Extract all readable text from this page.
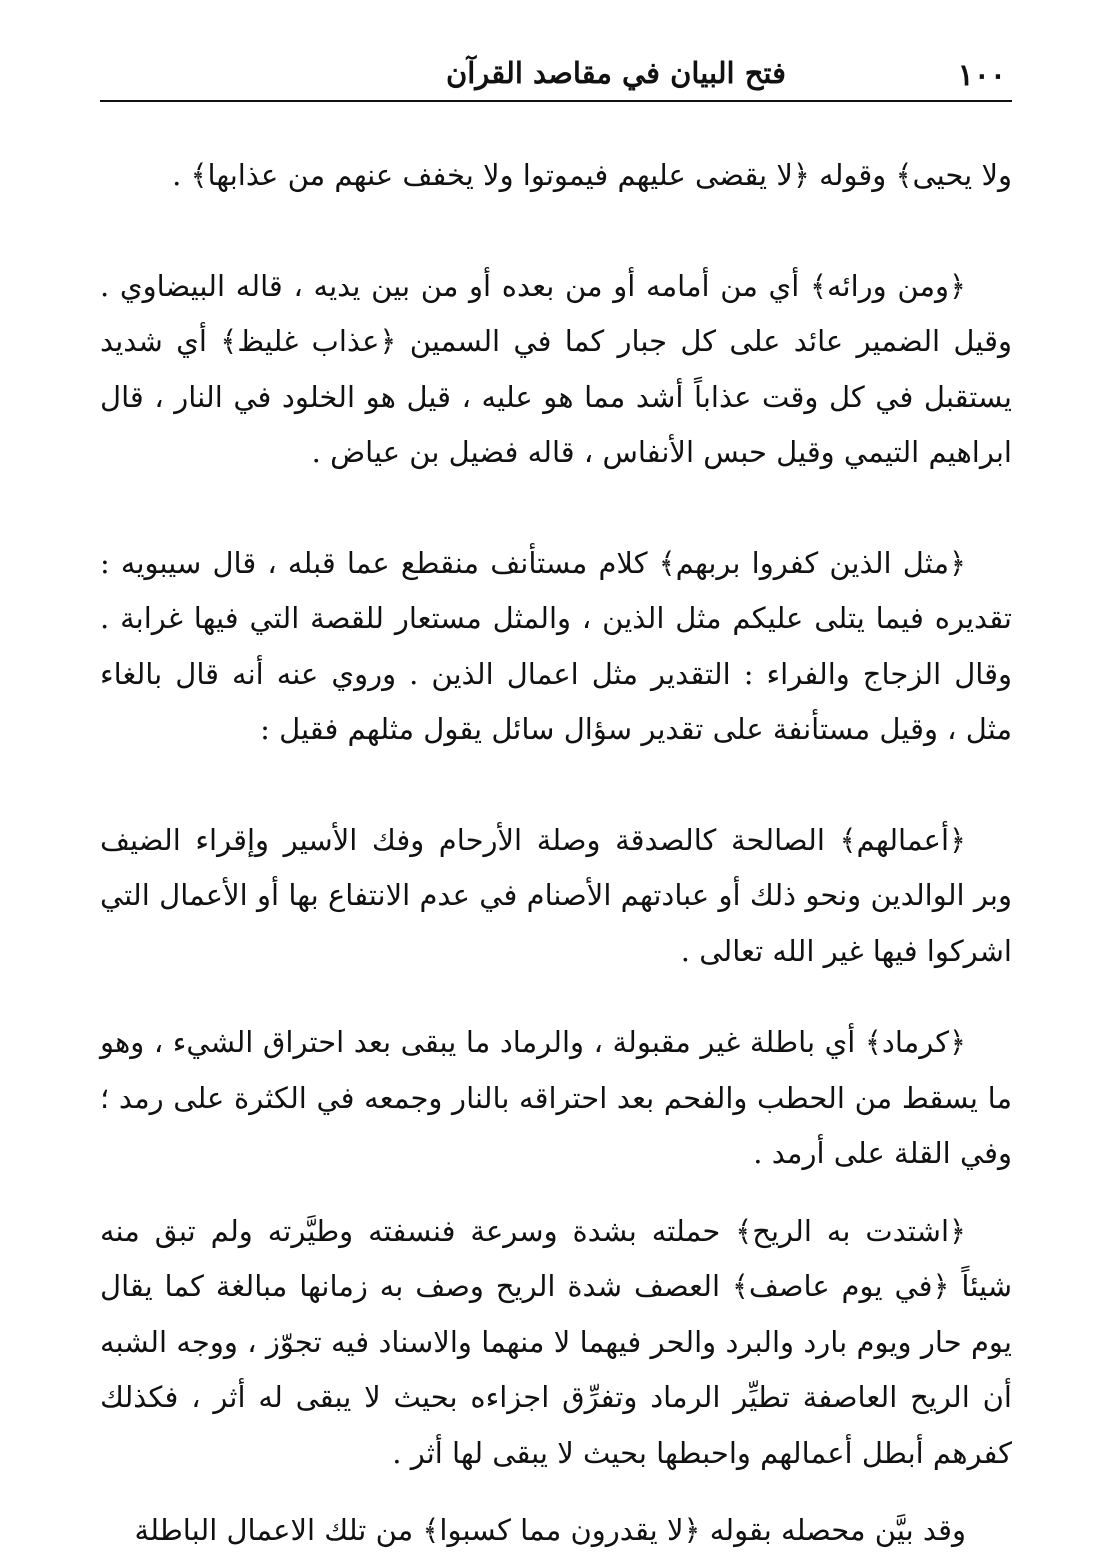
١٠٠
فتح البيان في مقاصد القرآن

ولا يحيى﴾ وقوله ﴿لا يقضى عليهم فيموتوا ولا يخفف عنهم من عذابها﴾ .

﴿ومن ورائه﴾ أي من أمامه أو من بعده أو من بين يديه ، قاله البيضاوي . وقيل الضمير عائد على كل جبار كما في السمين ﴿عذاب غليظ﴾ أي شديد يستقبل في كل وقت عذاباً أشد مما هو عليه ، قيل هو الخلود في النار ، قال ابراهيم التيمي وقيل حبس الأنفاس ، قاله فضيل بن عياض .

﴿مثل الذين كفروا بربهم﴾ كلام مستأنف منقطع عما قبله ، قال سيبويه : تقديره فيما يتلى عليكم مثل الذين ، والمثل مستعار للقصة التي فيها غرابة . وقال الزجاج والفراء : التقدير مثل اعمال الذين . وروي عنه أنه قال بالغاء مثل ، وقيل مستأنفة على تقدير سؤال سائل يقول مثلهم فقيل :

﴿أعمالهم﴾ الصالحة كالصدقة وصلة الأرحام وفك الأسير وإقراء الضيف وبر الوالدين ونحو ذلك أو عبادتهم الأصنام في عدم الانتفاع بها أو الأعمال التي اشركوا فيها غير الله تعالى .

﴿كرماد﴾ أي باطلة غير مقبولة ، والرماد ما يبقى بعد احتراق الشيء ، وهو ما يسقط من الحطب والفحم بعد احتراقه بالنار وجمعه في الكثرة على رمد ؛ وفي القلة على أرمد .

﴿اشتدت به الريح﴾ حملته بشدة وسرعة فنسفته وطيَّرته ولم تبق منه شيئاً ﴿في يوم عاصف﴾ العصف شدة الريح وصف به زمانها مبالغة كما يقال يوم حار ويوم بارد والبرد والحر فيهما لا منهما والاسناد فيه تجوّز ، ووجه الشبه أن الريح العاصفة تطيِّر الرماد وتفرِّق اجزاءه بحيث لا يبقى له أثر ، فكذلك كفرهم أبطل أعمالهم واحبطها بحيث لا يبقى لها أثر .

وقد بيَّن محصله بقوله ﴿لا يقدرون مما كسبوا﴾ من تلك الاعمال الباطلة
